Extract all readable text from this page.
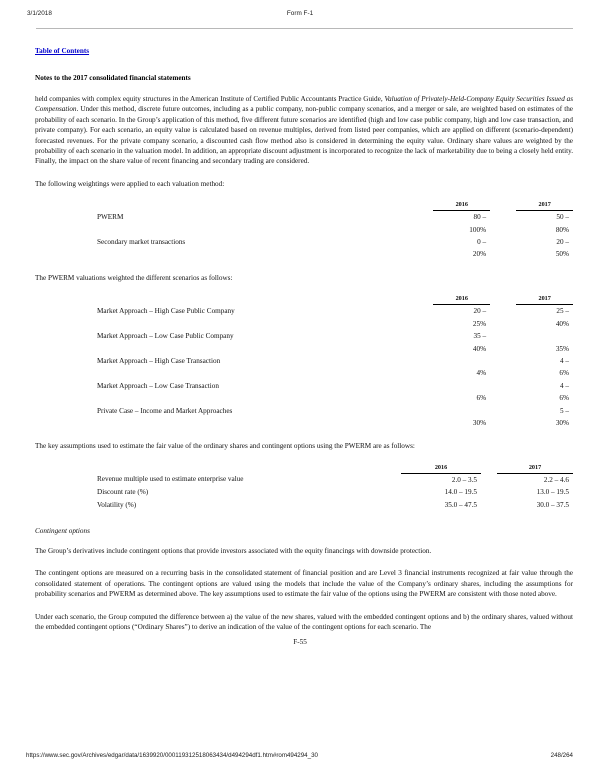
3/1/2018	Form F-1
Table of Contents
Notes to the 2017 consolidated financial statements

held companies with complex equity structures in the American Institute of Certified Public Accountants Practice Guide, Valuation of Privately-Held-Company Equity Securities Issued as Compensation. Under this method, discrete future outcomes, including as a public company, non-public company scenarios, and a merger or sale, are weighted based on estimates of the probability of each scenario. In the Group’s application of this method, five different future scenarios are identified (high and low case public company, high and low case transaction, and private company). For each scenario, an equity value is calculated based on revenue multiples, derived from listed peer companies, which are applied on different (scenario-dependent) forecasted revenues. For the private company scenario, a discounted cash flow method also is considered in determining the equity value. Ordinary share values are weighted by the probability of each scenario in the valuation model. In addition, an appropriate discount adjustment is incorporated to recognize the lack of marketability due to being a closely held entity. Finally, the impact on the share value of recent financing and secondary trading are considered.

The following weightings were applied to each valuation method:

		2016		2017
PWERM		80 –		50 –
		100%		80%
Secondary market transactions		0 –		20 –
		20%		50%

The PWERM valuations weighted the different scenarios as follows:

		2016		2017
Market Approach – High Case Public Company		20 –		25 –
		25%		40%
Market Approach – Low Case Public Company		35 –		
		40%		35%
Market Approach – High Case Transaction				4 –
		4%		6%
Market Approach – Low Case Transaction				4 –
		6%		6%
Private Case – Income and Market Approaches				5 –
		30%		30%

The key assumptions used to estimate the fair value of the ordinary shares and contingent options using the PWERM are as follows:

		2016		2017
Revenue multiple used to estimate enterprise value		2.0 – 3.5		2.2 – 4.6
Discount rate (%)		14.0 – 19.5		13.0 – 19.5
Volatility (%)		35.0 – 47.5		30.0 – 37.5
Contingent options

The Group’s derivatives include contingent options that provide investors associated with the equity financings with downside protection.

The contingent options are measured on a recurring basis in the consolidated statement of financial position and are Level 3 financial instruments recognized at fair value through the consolidated statement of operations. The contingent options are valued using the models that include the value of the Company’s ordinary shares, including the assumptions for probability scenarios and PWERM as determined above. The key assumptions used to estimate the fair value of the options using the PWERM are consistent with those noted above.

Under each scenario, the Group computed the difference between a) the value of the new shares, valued with the embedded contingent options and b) the ordinary shares, valued without the embedded contingent options (“Ordinary Shares”) to derive an indication of the value of the contingent options for each scenario. The

F-55
https://www.sec.gov/Archives/edgar/data/1639920/000119312518063434/d494294df1.htm#rom494294_30	248/264
